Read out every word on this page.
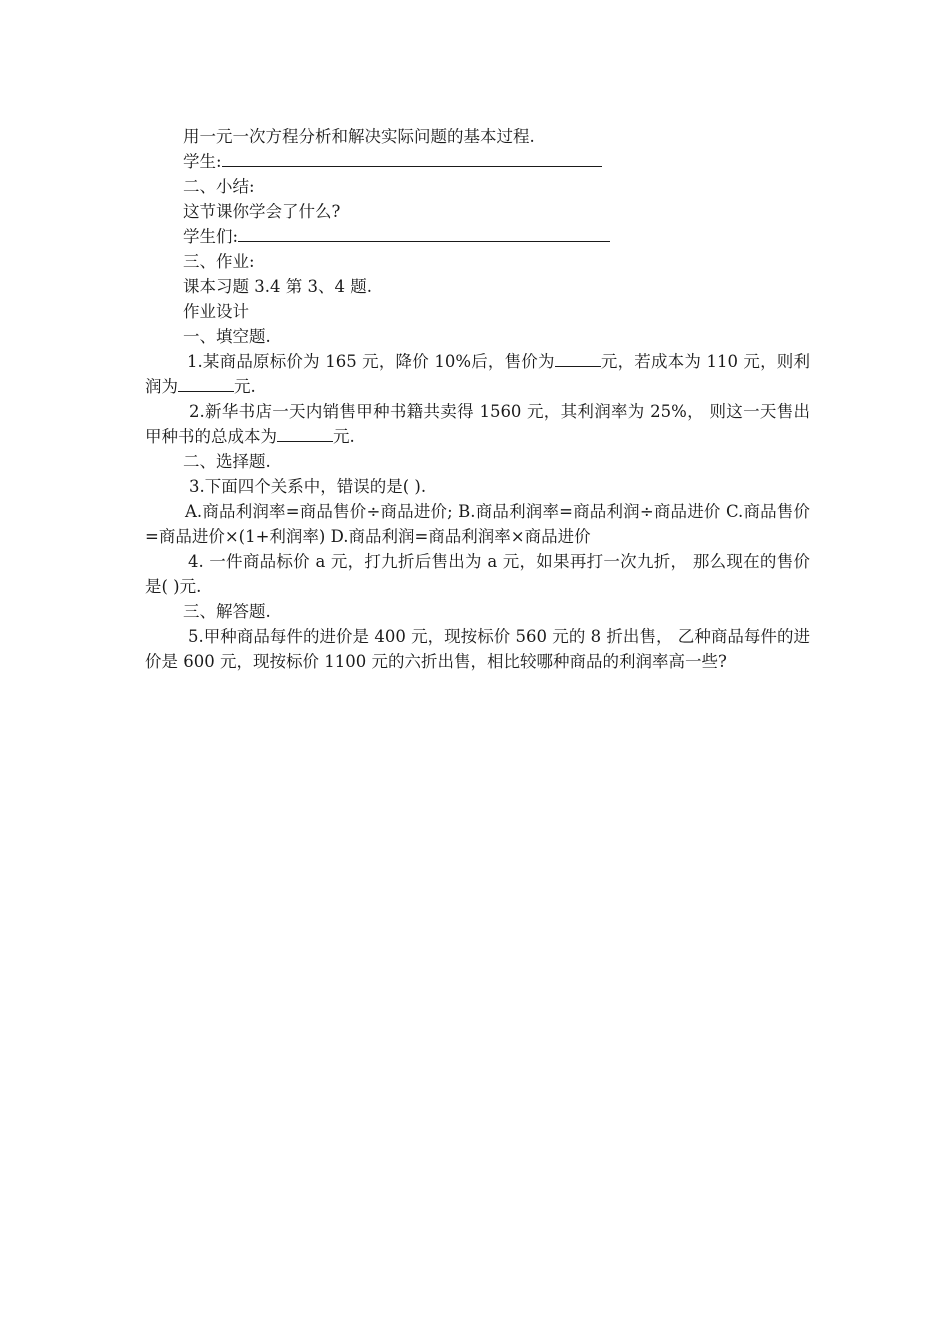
用一元一次方程分析和解决实际问题的基本过程.
学生:
二、小结:
这节课你学会了什么?
学生们:
三、作业:
课本习题 3.4 第 3、4 题.
作业设计
一、填空题.
1.某商品原标价为 165 元，降价 10%后，售价为	元，若成本为 110 元，则利润为	元.
2.新华书店一天内销售甲种书籍共卖得 1560 元，其利润率为 25%， 则这一天售出甲种书的总成本为	元.
二、选择题.
3.下面四个关系中，错误的是( ).
A.商品利润率=商品售价÷商品进价; B.商品利润率=商品利润÷商品进价 C.商品售价=商品进价×(1+利润率) D.商品利润=商品利润率×商品进价
4. 一件商品标价 a 元，打九折后售出为 a 元，如果再打一次九折， 那么现在的售价是( )元.
三、解答题.
5.甲种商品每件的进价是 400 元，现按标价 560 元的 8 折出售， 乙种商品每件的进价是 600 元，现按标价 1100 元的六折出售，相比较哪种商品的利润率高一些?
